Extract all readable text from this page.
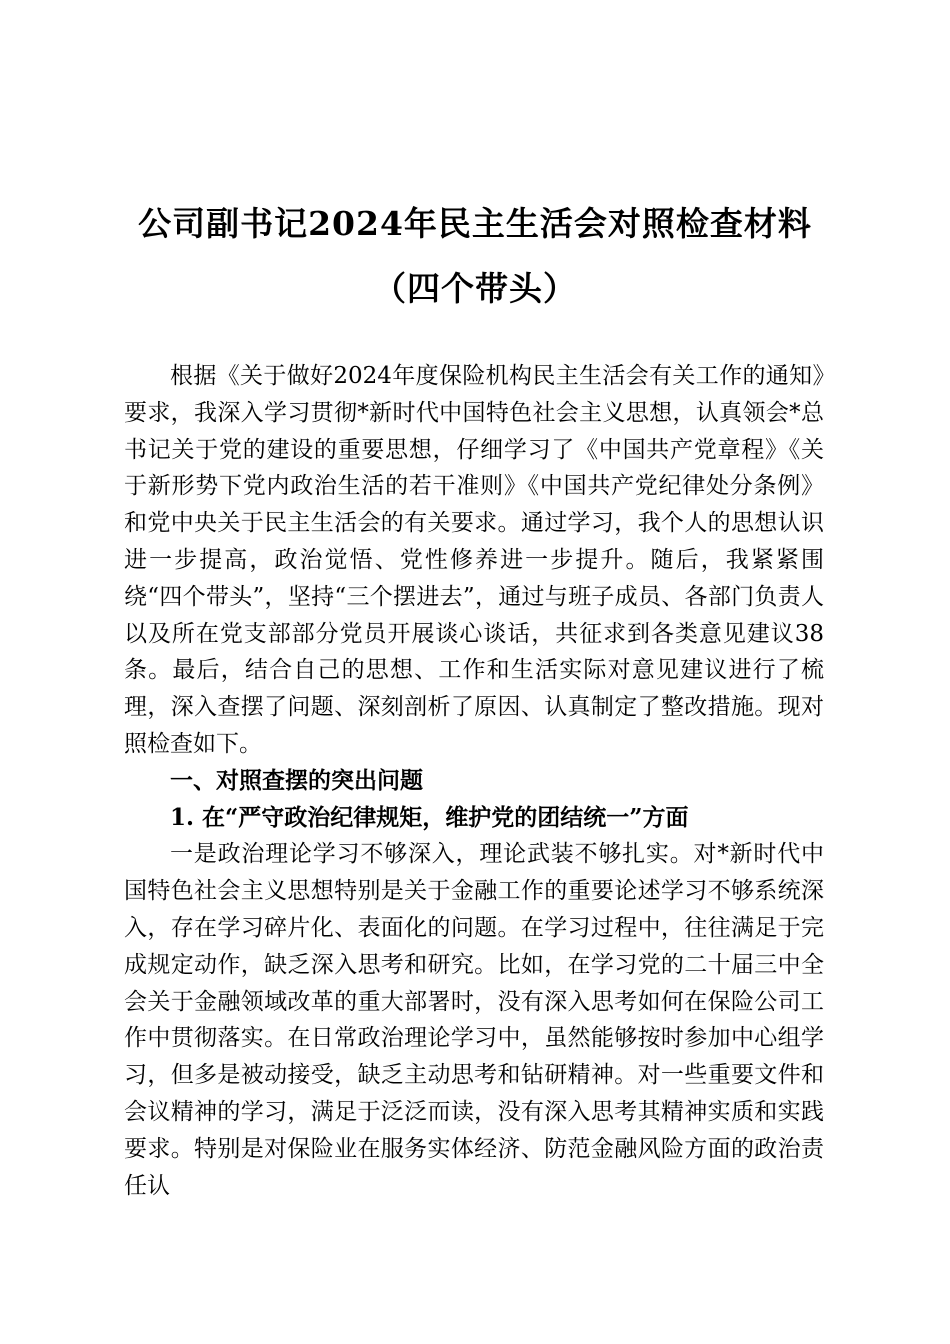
公司副书记2024年民主生活会对照检查材料
（四个带头）

根据《关于做好2024年度保险机构民主生活会有关工作的通知》要求，我深入学习贯彻*新时代中国特色社会主义思想，认真领会*总书记关于党的建设的重要思想，仔细学习了《中国共产党章程》《关于新形势下党内政治生活的若干准则》《中国共产党纪律处分条例》和党中央关于民主生活会的有关要求。通过学习，我个人的思想认识进一步提高，政治觉悟、党性修养进一步提升。随后，我紧紧围绕“四个带头”，坚持“三个摆进去”，通过与班子成员、各部门负责人以及所在党支部部分党员开展谈心谈话，共征求到各类意见建议38条。最后，结合自己的思想、工作和生活实际对意见建议进行了梳理，深入查摆了问题、深刻剖析了原因、认真制定了整改措施。现对照检查如下。

一、对照查摆的突出问题

1. 在“严守政治纪律规矩，维护党的团结统一”方面

一是政治理论学习不够深入，理论武装不够扎实。对*新时代中国特色社会主义思想特别是关于金融工作的重要论述学习不够系统深入，存在学习碎片化、表面化的问题。在学习过程中，往往满足于完成规定动作，缺乏深入思考和研究。比如，在学习党的二十届三中全会关于金融领域改革的重大部署时，没有深入思考如何在保险公司工作中贯彻落实。在日常政治理论学习中，虽然能够按时参加中心组学习，但多是被动接受，缺乏主动思考和钻研精神。对一些重要文件和会议精神的学习，满足于泛泛而读，没有深入思考其精神实质和实践要求。特别是对保险业在服务实体经济、防范金融风险方面的政治责任认
